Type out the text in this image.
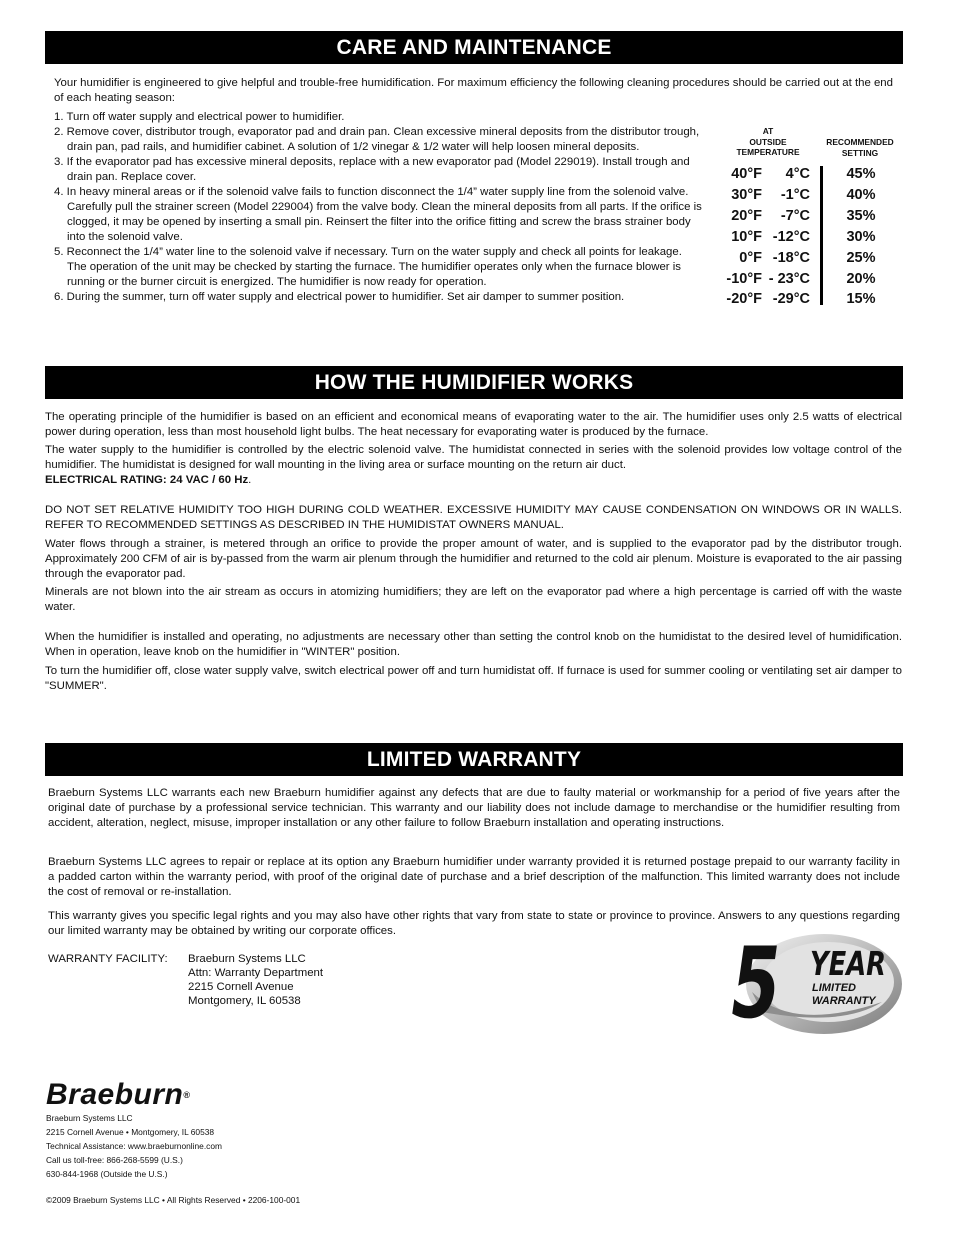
CARE AND MAINTENANCE

Your humidifier is engineered to give helpful and trouble-free humidification. For maximum efficiency the following cleaning procedures should be carried out at the end of each heating season:

1. Turn off water supply and electrical power to humidifier.
2. Remove cover, distributor trough, evaporator pad and drain pan. Clean excessive mineral deposits from the distributor trough, drain pan, pad rails, and humidifier cabinet. A solution of 1/2 vinegar & 1/2 water will help loosen mineral deposits.
3. If the evaporator pad has excessive mineral deposits, replace with a new evaporator pad (Model 229019). Install trough and drain pan. Replace cover.
4. In heavy mineral areas or if the solenoid valve fails to function disconnect the 1/4” water supply line from the solenoid valve. Carefully pull the strainer screen (Model 229004) from the valve body. Clean the mineral deposits from all parts. If the orifice is clogged, it may be opened by inserting a small pin. Reinsert the filter into the orifice fitting and screw the brass strainer body into the solenoid valve.
5. Reconnect the 1/4” water line to the solenoid valve if necessary. Turn on the water supply and check all points for leakage. The operation of the unit may be checked by starting the furnace. The humidifier operates only when the furnace blower is running or the burner circuit is energized. The humidifier is now ready for operation.
6. During the summer, turn off water supply and electrical power to humidifier. Set air damper to summer position.
AT
OUTSIDE
TEMPERATURE
RECOMMENDED
SETTING
40°F	4°C	45%
30°F	-1°C	40%
20°F	-7°C	35%
10°F -12°C	30%
0°F -18°C	25%
-10°F - 23°C	20%
-20°F -29°C	15%
HOW THE HUMIDIFIER WORKS

The operating principle of the humidifier is based on an efficient and economical means of evaporating water to the air. The humidifier uses only 2.5 watts of electrical power during operation, less than most household light bulbs. The heat necessary for evaporating water is produced by the furnace.

The water supply to the humidifier is controlled by the electric solenoid valve. The humidistat connected in series with the solenoid provides low voltage control of the humidifier. The humidistat is designed for wall mounting in the living area or surface mounting on the return air duct.

ELECTRICAL RATING: 24 VAC / 60 Hz.

DO NOT SET RELATIVE HUMIDITY TOO HIGH DURING COLD WEATHER. EXCESSIVE HUMIDITY MAY CAUSE CONDENSATION ON WINDOWS OR IN WALLS. REFER TO RECOMMENDED SETTINGS AS DESCRIBED IN THE HUMIDISTAT OWNERS MANUAL.

Water flows through a strainer, is metered through an orifice to provide the proper amount of water, and is supplied to the evaporator pad by the distributor trough. Approximately 200 CFM of air is by-passed from the warm air plenum through the humidifier and returned to the cold air plenum. Moisture is evaporated to the air passing through the evaporator pad.

Minerals are not blown into the air stream as occurs in atomizing humidifiers; they are left on the evaporator pad where a high percentage is carried off with the waste water.

When the humidifier is installed and operating, no adjustments are necessary other than setting the control knob on the humidistat to the desired level of humidification. When in operation, leave knob on the humidifier in "WINTER" position.

To turn the humidifier off, close water supply valve, switch electrical power off and turn humidistat off. If furnace is used for summer cooling or ventilating set air damper to "SUMMER".

LIMITED WARRANTY

Braeburn Systems LLC warrants each new Braeburn humidifier against any defects that are due to faulty material or workmanship for a period of five years after the original date of purchase by a professional service technician. This warranty and our liability does not include damage to merchandise or the humidifier resulting from accident, alteration, neglect, misuse, improper installation or any other failure to follow Braeburn installation and operating instructions.

Braeburn Systems LLC agrees to repair or replace at its option any Braeburn humidifier under warranty provided it is returned postage prepaid to our warranty facility in a padded carton within the warranty period, with proof of the original date of purchase and a brief description of the malfunction. This limited warranty does not include the cost of removal or re-installation.

This warranty gives you specific legal rights and you may also have other rights that vary from state to state or province to province. Answers to any questions regarding our limited warranty may be obtained by writing our corporate offices.

WARRANTY FACILITY: Braeburn Systems LLC
Attn: Warranty Department
2215 Cornell Avenue
Montgomery, IL 60538	5 YEAR
LIMITED
WARRANTY
Braeburn®
Braeburn Systems LLC
2215 Cornell Avenue • Montgomery, IL 60538
Technical Assistance: www.braeburnonline.com
Call us toll-free: 866-268-5599 (U.S.)
630-844-1968 (Outside the U.S.)
©2009 Braeburn Systems LLC • All Rights Reserved • 2206-100-001
